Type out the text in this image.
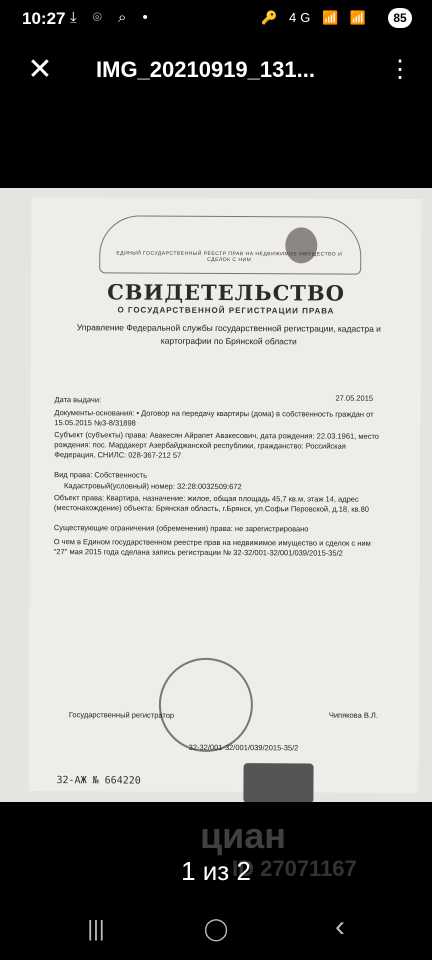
10:27 ⤓ ⌾ ⌕ •	🔑 4G 📶 📶	85
✕ IMG_20210919_131...	⋮
ЕДИНЫЙ ГОСУДАРСТВЕННЫЙ РЕЕСТР ПРАВ НА НЕДВИЖИМОЕ ИМУЩЕСТВО И СДЕЛОК С НИМ
СВИДЕТЕЛЬСТВО
О ГОСУДАРСТВЕННОЙ РЕГИСТРАЦИИ ПРАВА
Управление Федеральной службы государственной регистрации, кадастра и картографии по Брянской области
Дата выдачи:	27.05.2015
Документы-основания: • Договор на передачу квартиры (дома) в собственность граждан от 15.05.2015 №3-8/31898
Субъект (субъекты) права: Авакесян Айрапет Авакесович, дата рождения: 22.03.1961, место рождения: пос. Мардакерт Азербайджанской республики, гражданство: Российская Федерация, СНИЛС: 028-367-212 57
Вид права: Собственность
Кадастровый(условный) номер: 32:28:0032509:672
Объект права: Квартира, назначение: жилое, общая площадь 45,7 кв.м, этаж 14, адрес (местонахождение) объекта: Брянская область, г.Брянск, ул.Софьи Перовской, д.18, кв.80
Существующие ограничения (обременения) права: не зарегистрировано
О чем в Едином государственном реестре прав на недвижимое имущество и сделок с ним "27" мая 2015 года сделана запись регистрации № 32-32/001-32/001/039/2015-35/2
Государственный регистратор	Чипякова В.Л.
32-32/001-32/001/039/2015-35/2
32-АЖ № 664220
циан
ID 27071167
1 из 2
|||	◯	‹
